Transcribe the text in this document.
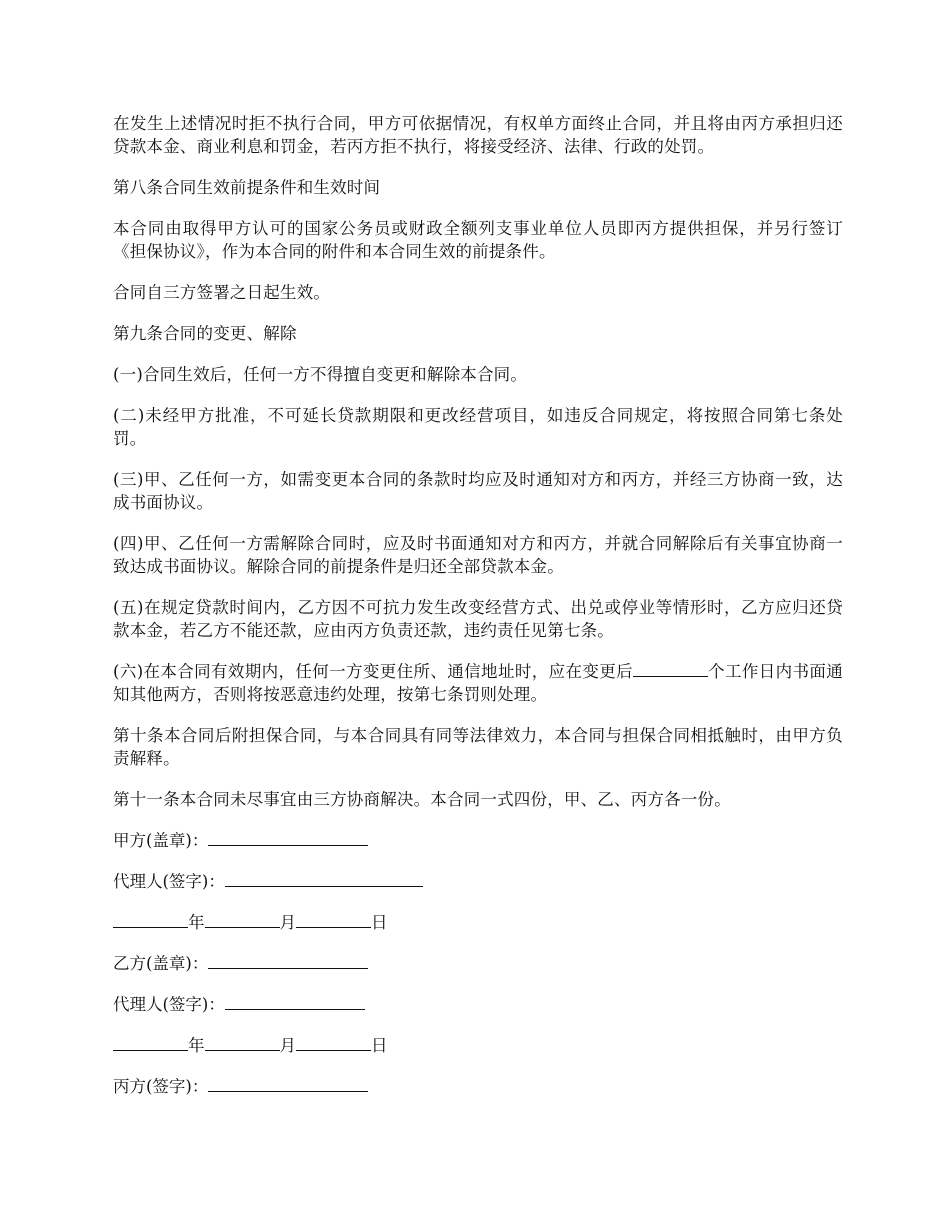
在发生上述情况时拒不执行合同，甲方可依据情况，有权单方面终止合同，并且将由丙方承担归还贷款本金、商业利息和罚金，若丙方拒不执行，将接受经济、法律、行政的处罚。

第八条合同生效前提条件和生效时间

本合同由取得甲方认可的国家公务员或财政全额列支事业单位人员即丙方提供担保，并另行签订《担保协议》，作为本合同的附件和本合同生效的前提条件。

合同自三方签署之日起生效。

第九条合同的变更、解除

(一)合同生效后，任何一方不得擅自变更和解除本合同。

(二)未经甲方批准，不可延长贷款期限和更改经营项目，如违反合同规定，将按照合同第七条处罚。

(三)甲、乙任何一方，如需变更本合同的条款时均应及时通知对方和丙方，并经三方协商一致，达成书面协议。

(四)甲、乙任何一方需解除合同时，应及时书面通知对方和丙方，并就合同解除后有关事宜协商一致达成书面协议。解除合同的前提条件是归还全部贷款本金。

(五)在规定贷款时间内，乙方因不可抗力发生改变经营方式、出兑或停业等情形时，乙方应归还贷款本金，若乙方不能还款，应由丙方负责还款，违约责任见第七条。

(六)在本合同有效期内，任何一方变更住所、通信地址时，应在变更后	个工作日内书面通知其他两方，否则将按恶意违约处理，按第七条罚则处理。

第十条本合同后附担保合同，与本合同具有同等法律效力，本合同与担保合同相抵触时，由甲方负责解释。

第十一条本合同未尽事宜由三方协商解决。本合同一式四份，甲、乙、丙方各一份。

甲方(盖章)：
代理人(签字)：
年	月	日
乙方(盖章)：
代理人(签字)：
年	月	日
丙方(签字)：
